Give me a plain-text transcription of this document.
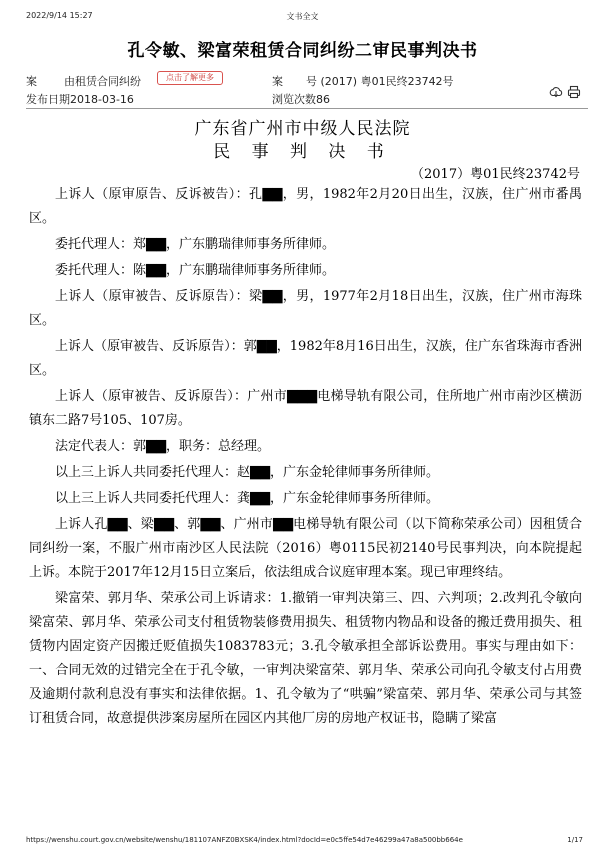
2022/9/14 15:27	文书全文
孔令敏、梁富荣租赁合同纠纷二审民事判决书
案 由租赁合同纠纷	点击了解更多	案 号 (2017) 粤01民终23742号
发布日期2018-03-16	浏览次数86
广东省广州市中级人民法院
民 事 判 决 书
（2017）粤01民终23742号

上诉人（原审原告、反诉被告）：孔▇▇，男，1982年2月20日出生，汉族，住广州市番禺区。

委托代理人：郑▇▇，广东鹏瑞律师事务所律师。

委托代理人：陈▇▇，广东鹏瑞律师事务所律师。

上诉人（原审被告、反诉原告）：梁▇▇，男，1977年2月18日出生，汉族，住广州市海珠区。

上诉人（原审被告、反诉原告）：郭▇▇，1982年8月16日出生，汉族，住广东省珠海市香洲区。

上诉人（原审被告、反诉原告）：广州市▇▇▇电梯导轨有限公司，住所地广州市南沙区横沥镇东二路7号105、107房。

法定代表人：郭▇▇，职务：总经理。

以上三上诉人共同委托代理人：赵▇▇，广东金轮律师事务所律师。

以上三上诉人共同委托代理人：龚▇▇，广东金轮律师事务所律师。

上诉人孔▇▇、梁▇▇、郭▇▇、广州市▇▇电梯导轨有限公司（以下简称荣承公司）因租赁合同纠纷一案，不服广州市南沙区人民法院（2016）粤0115民初2140号民事判决，向本院提起上诉。本院于2017年12月15日立案后，依法组成合议庭审理本案。现已审理终结。

梁富荣、郭月华、荣承公司上诉请求：1.撤销一审判决第三、四、六判项；2.改判孔令敏向梁富荣、郭月华、荣承公司支付租赁物装修费用损失、租赁物内物品和设备的搬迁费用损失、租赁物内固定资产因搬迁贬值损失1083783元；3.孔令敏承担全部诉讼费用。事实与理由如下：一、合同无效的过错完全在于孔令敏，一审判决梁富荣、郭月华、荣承公司向孔令敏支付占用费及逾期付款利息没有事实和法律依据。1、孔令敏为了“哄骗”梁富荣、郭月华、荣承公司与其签订租赁合同，故意提供涉案房屋所在园区内其他厂房的房地产权证书，隐瞒了梁富

https://wenshu.court.gov.cn/website/wenshu/181107ANFZ0BXSK4/index.html?docId=e0c5ffe54d7e46299a47a8a500bb664e	1/17
